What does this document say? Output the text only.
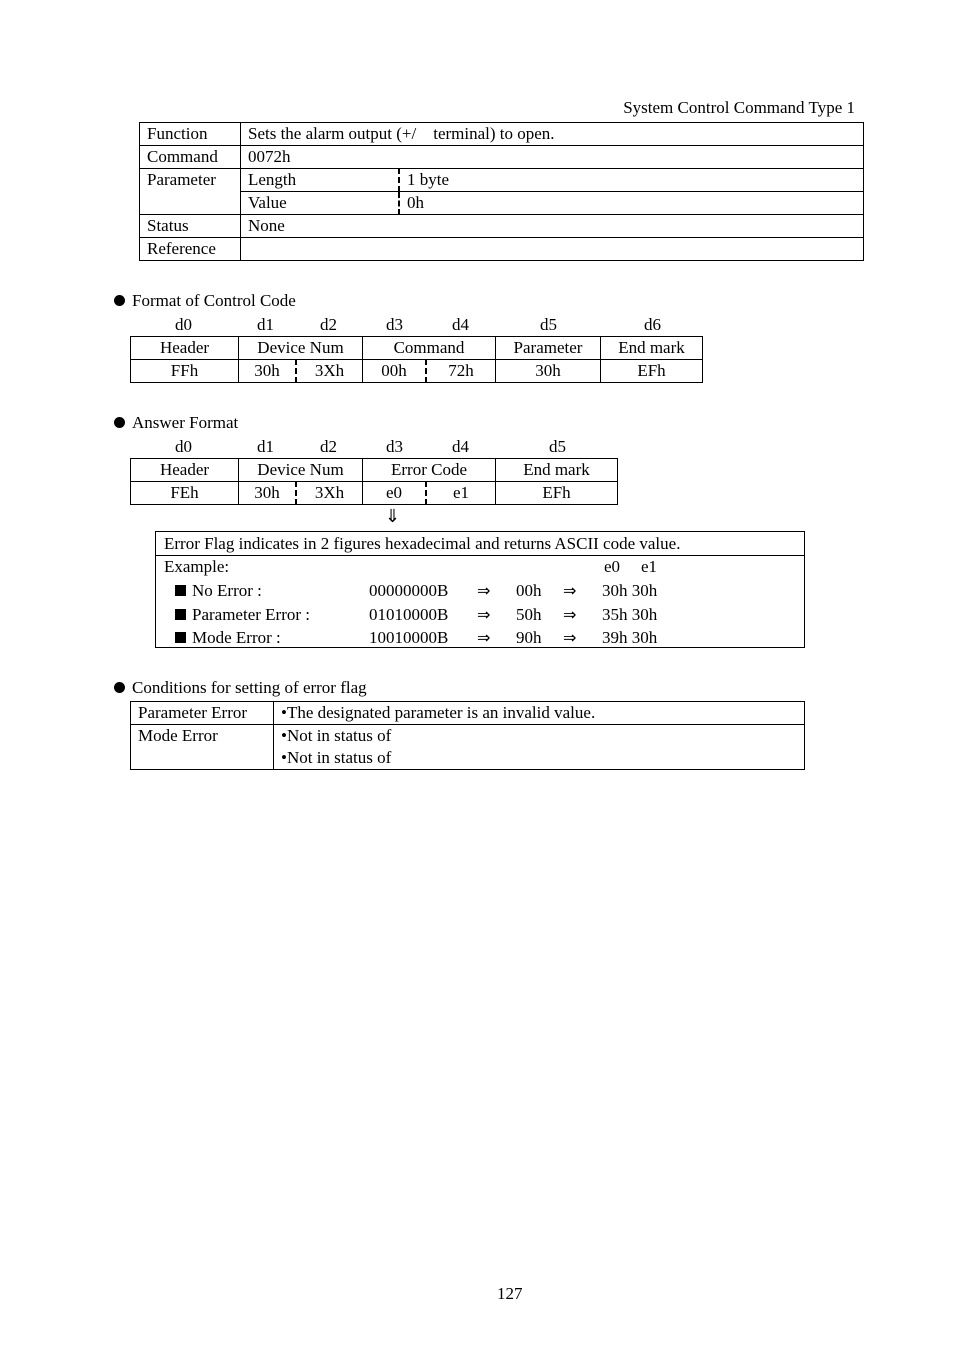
System Control Command Type 1
Function	Sets the alarm output (+/  terminal) to open.	
Command	0072h	
Parameter	Length	1 byte
	Value	0h
Status	None	
Reference		
Format of Control Code
d0	d1	d2	d3	d4	d5	d6
Header	Device Num		Command		Parameter	End mark
FFh	30h	3Xh	00h	72h	30h	EFh
Answer Format
d0	d1	d2	d3	d4	d5
Header	Device Num		Error Code		End mark
FEh	30h	3Xh	e0	e1	EFh
⇓
Error Flag indicates in 2 figures hexadecimal and returns ASCII code value.
Example:	e0 e1
No Error :	00000000B ⇒ 00h ⇒ 30h 30h
Parameter Error :	01010000B ⇒ 50h ⇒ 35h 30h
Mode Error :	10010000B ⇒ 90h ⇒ 39h 30h
Conditions for setting of error flag
Parameter Error	•The designated parameter is an invalid value.
Mode Error	•Not in status of
•Not in status of
127
